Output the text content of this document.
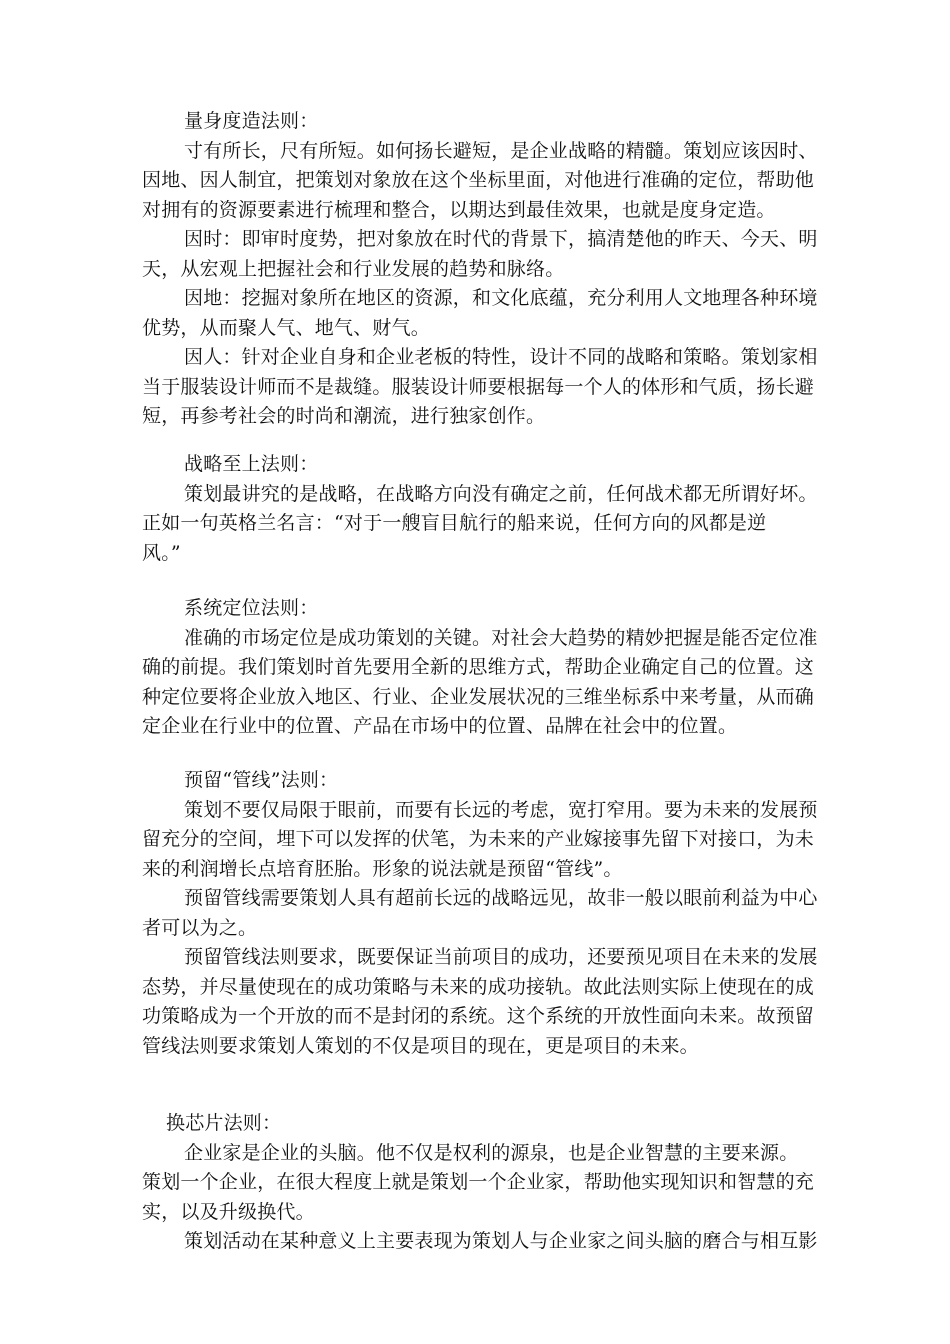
量身度造法则：
寸有所长，尺有所短。如何扬长避短，是企业战略的精髓。策划应该因时、
因地、因人制宜，把策划对象放在这个坐标里面，对他进行准确的定位，帮助他
对拥有的资源要素进行梳理和整合，以期达到最佳效果，也就是度身定造。
因时：即审时度势，把对象放在时代的背景下，搞清楚他的昨天、今天、明
天，从宏观上把握社会和行业发展的趋势和脉络。
因地：挖掘对象所在地区的资源，和文化底蕴，充分利用人文地理各种环境
优势，从而聚人气、地气、财气。
因人：针对企业自身和企业老板的特性，设计不同的战略和策略。策划家相
当于服装设计师而不是裁缝。服装设计师要根据每一个人的体形和气质，扬长避
短，再参考社会的时尚和潮流，进行独家创作。
战略至上法则：
策划最讲究的是战略，在战略方向没有确定之前，任何战术都无所谓好坏。
正如一句英格兰名言：“对于一艘盲目航行的船来说，任何方向的风都是逆
风。”
系统定位法则：
准确的市场定位是成功策划的关键。对社会大趋势的精妙把握是能否定位准
确的前提。我们策划时首先要用全新的思维方式，帮助企业确定自己的位置。这
种定位要将企业放入地区、行业、企业发展状况的三维坐标系中来考量，从而确
定企业在行业中的位置、产品在市场中的位置、品牌在社会中的位置。
预留“管线”法则：
策划不要仅局限于眼前，而要有长远的考虑，宽打窄用。要为未来的发展预
留充分的空间，埋下可以发挥的伏笔，为未来的产业嫁接事先留下对接口，为未
来的利润增长点培育胚胎。形象的说法就是预留“管线”。
预留管线需要策划人具有超前长远的战略远见，故非一般以眼前利益为中心
者可以为之。
预留管线法则要求，既要保证当前项目的成功，还要预见项目在未来的发展
态势，并尽量使现在的成功策略与未来的成功接轨。故此法则实际上使现在的成
功策略成为一个开放的而不是封闭的系统。这个系统的开放性面向未来。故预留
管线法则要求策划人策划的不仅是项目的现在，更是项目的未来。
换芯片法则：
企业家是企业的头脑。他不仅是权利的源泉，也是企业智慧的主要来源。
策划一个企业，在很大程度上就是策划一个企业家，帮助他实现知识和智慧的充
实，以及升级换代。
策划活动在某种意义上主要表现为策划人与企业家之间头脑的磨合与相互影
